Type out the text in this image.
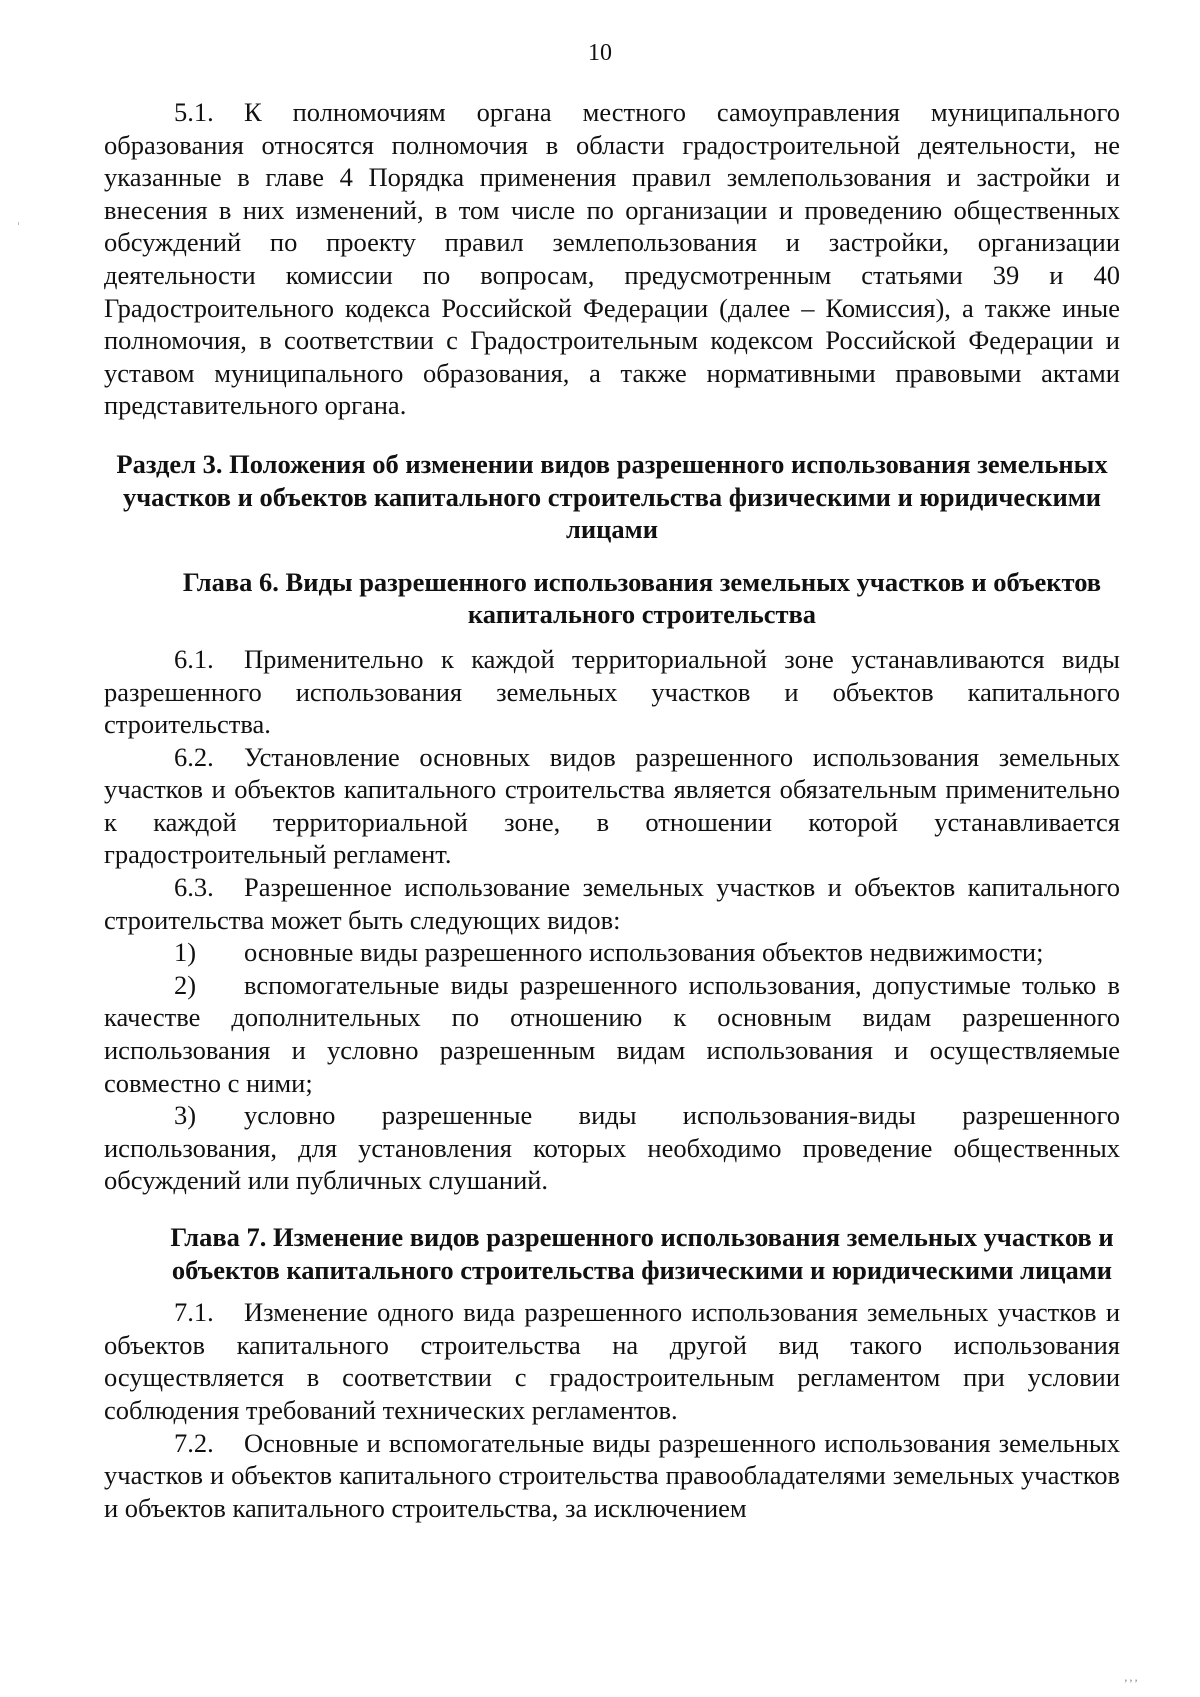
10

5.1. К полномочиям органа местного самоуправления муниципального образования относятся полномочия в области градостроительной деятельности, не указанные в главе 4 Порядка применения правил землепользования и застройки и внесения в них изменений, в том числе по организации и проведению общественных обсуждений по проекту правил землепользования и застройки, организации деятельности комиссии по вопросам, предусмотренным статьями 39 и 40 Градостроительного кодекса Российской Федерации (далее – Комиссия), а также иные полномочия, в соответствии с Градостроительным кодексом Российской Федерации и уставом муниципального образования, а также нормативными правовыми актами представительного органа.

Раздел 3. Положения об изменении видов разрешенного использования земельных участков и объектов капитального строительства физическими и юридическими лицами

Глава 6. Виды разрешенного использования земельных участков и объектов капитального строительства

6.1. Применительно к каждой территориальной зоне устанавливаются виды разрешенного использования земельных участков и объектов капитального строительства.

6.2. Установление основных видов разрешенного использования земельных участков и объектов капитального строительства является обязательным применительно к каждой территориальной зоне, в отношении которой устанавливается градостроительный регламент.

6.3. Разрешенное использование земельных участков и объектов капитального строительства может быть следующих видов:

1) основные виды разрешенного использования объектов недвижимости;

2) вспомогательные виды разрешенного использования, допустимые только в качестве дополнительных по отношению к основным видам разрешенного использования и условно разрешенным видам использования и осуществляемые совместно с ними;

3) условно разрешенные виды использования-виды разрешенного использования, для установления которых необходимо проведение общественных обсуждений или публичных слушаний.

Глава 7. Изменение видов разрешенного использования земельных участков и объектов капитального строительства физическими и юридическими лицами

7.1. Изменение одного вида разрешенного использования земельных участков и объектов капитального строительства на другой вид такого использования осуществляется в соответствии с градостроительным регламентом при условии соблюдения требований технических регламентов.

7.2. Основные и вспомогательные виды разрешенного использования земельных участков и объектов капитального строительства правообладателями земельных участков и объектов капитального строительства, за исключением

’’’
